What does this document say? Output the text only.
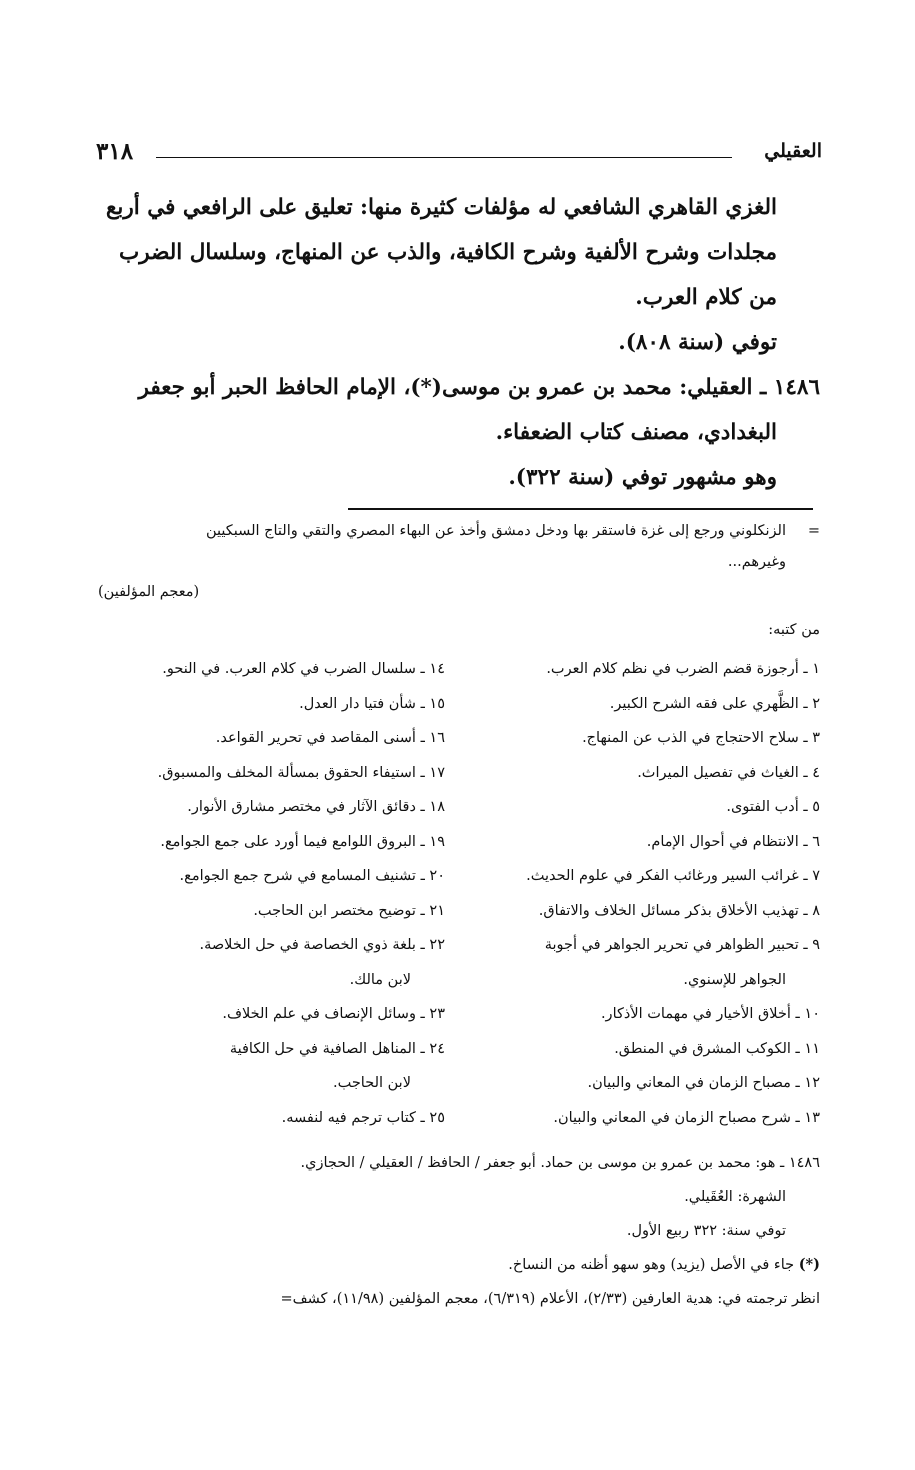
العقيلي
٣١٨
الغزي القاهري الشافعي له مؤلفات كثيرة منها: تعليق على الرافعي في أربع
مجلدات وشرح الألفية وشرح الكافية، والذب عن المنهاج، وسلسال الضرب
من كلام العرب.
توفي (سنة ٨٠٨).
١٤٨٦ ـ العقيلي: محمد بن عمرو بن موسى(*)، الإمام الحافظ الحبر أبو جعفر
البغدادي، مصنف كتاب الضعفاء.
وهو مشهور توفي (سنة ٣٢٢).
=
الزنكلوني ورجع إلى غزة فاستقر بها ودخل دمشق وأخذ عن البهاء المصري والتقي والتاج السبكيين
وغيرهم...
(معجم المؤلفين)
من كتبه:
١ ـ أرجوزة قضم الضرب في نظم كلام العرب.
٢ ـ الظَّهري على فقه الشرح الكبير.
٣ ـ سلاح الاحتجاج في الذب عن المنهاج.
٤ ـ الغياث في تفصيل الميراث.
٥ ـ أدب الفتوى.
٦ ـ الانتظام في أحوال الإمام.
٧ ـ غرائب السير ورغائب الفكر في علوم الحديث.
٨ ـ تهذيب الأخلاق بذكر مسائل الخلاف والاتفاق.
٩ ـ تحبير الظواهر في تحرير الجواهر في أجوبة
الجواهر للإسنوي.
١٠ ـ أخلاق الأخيار في مهمات الأذكار.
١١ ـ الكوكب المشرق في المنطق.
١٢ ـ مصباح الزمان في المعاني والبيان.
١٣ ـ شرح مصباح الزمان في المعاني والبيان.
١٤ ـ سلسال الضرب في كلام العرب. في النحو.
١٥ ـ شأن فتيا دار العدل.
١٦ ـ أسنى المقاصد في تحرير القواعد.
١٧ ـ استيفاء الحقوق بمسألة المخلف والمسبوق.
١٨ ـ دقائق الآثار في مختصر مشارق الأنوار.
١٩ ـ البروق اللوامع فيما أورد على جمع الجوامع.
٢٠ ـ تشنيف المسامع في شرح جمع الجوامع.
٢١ ـ توضيح مختصر ابن الحاجب.
٢٢ ـ بلغة ذوي الخصاصة في حل الخلاصة.
لابن مالك.
٢٣ ـ وسائل الإنصاف في علم الخلاف.
٢٤ ـ المناهل الصافية في حل الكافية
لابن الحاجب.
٢٥ ـ كتاب ترجم فيه لنفسه.
١٤٨٦ ـ هو: محمد بن عمرو بن موسى بن حماد. أبو جعفر / الحافظ / العقيلي / الحجازي.
الشهرة: العُقَيلي.
توفي سنة: ٣٢٢ ربيع الأول.
(*) جاء في الأصل (يزيد) وهو سهو أظنه من النساخ.
انظر ترجمته في: هدية العارفين (٢/٣٣)، الأعلام (٦/٣١٩)، معجم المؤلفين (١١/٩٨)، كشف=
